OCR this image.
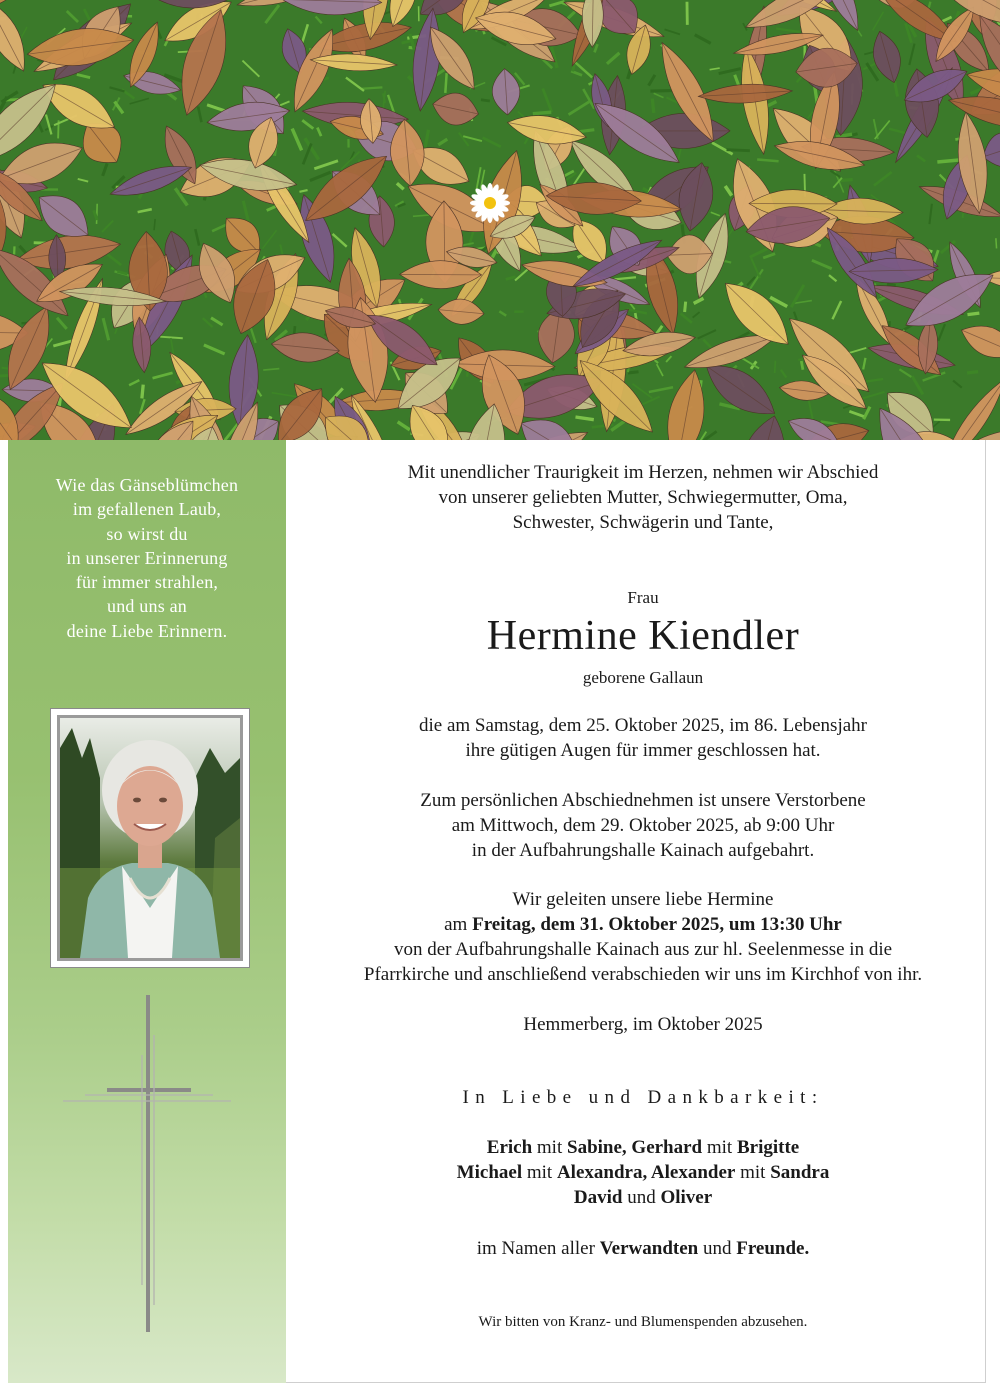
Wie das Gänseblümchen
im gefallenen Laub,
so wirst du
in unserer Erinnerung
für immer strahlen,
und uns an
deine Liebe Erinnern.
Mit unendlicher Traurigkeit im Herzen, nehmen wir Abschied
von unserer geliebten Mutter, Schwiegermutter, Oma,
Schwester, Schwägerin und Tante,
Frau
Hermine Kiendler
geborene Gallaun
die am Samstag, dem 25. Oktober 2025, im 86. Lebensjahr
ihre gütigen Augen für immer geschlossen hat.
Zum persönlichen Abschiednehmen ist unsere Verstorbene
am Mittwoch, dem 29. Oktober 2025, ab 9:00 Uhr
in der Aufbahrungshalle Kainach aufgebahrt.
Wir geleiten unsere liebe Hermine
am Freitag, dem 31. Oktober 2025, um 13:30 Uhr
von der Aufbahrungshalle Kainach aus zur hl. Seelenmesse in die
Pfarrkirche und anschließend verabschieden wir uns im Kirchhof von ihr.
Hemmerberg, im Oktober 2025
In Liebe und Dankbarkeit:
Erich mit Sabine, Gerhard mit Brigitte
Michael mit Alexandra, Alexander mit Sandra
David und Oliver
im Namen aller Verwandten und Freunde.
Wir bitten von Kranz- und Blumenspenden abzusehen.
